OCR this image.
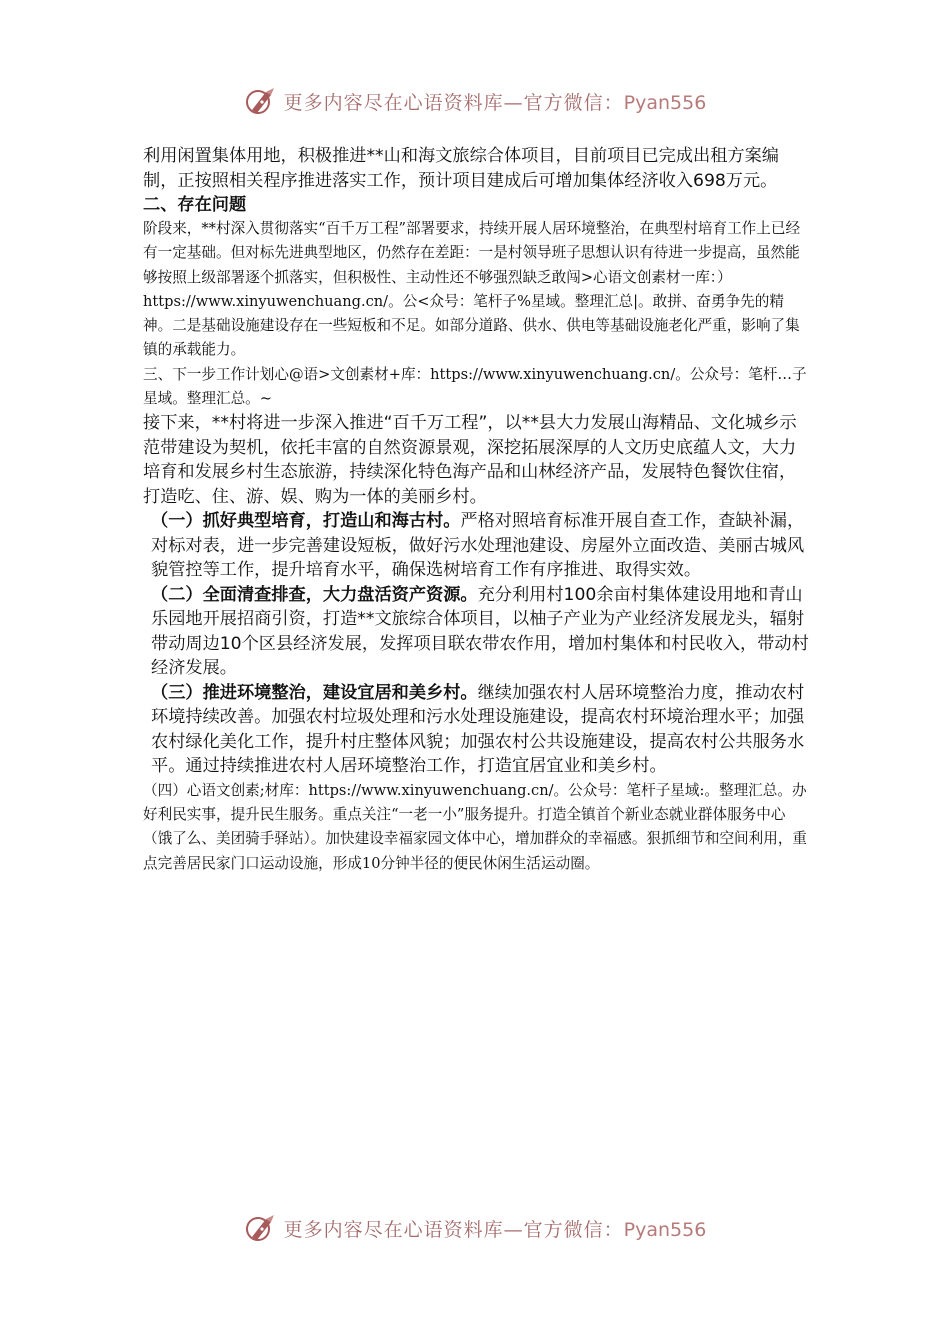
更多内容尽在心语资料库—官方微信：Pyan556

利用闲置集体用地，积极推进**山和海文旅综合体项目，目前项目已完成出租方案编制，正按照相关程序推进落实工作，预计项目建成后可增加集体经济收入698万元。

二、存在问题

阶段来，**村深入贯彻落实“百千万工程”部署要求，持续开展人居环境整治，在典型村培育工作上已经有一定基础。但对标先进典型地区，仍然存在差距：一是村领导班子思想认识有待进一步提高，虽然能够按照上级部署逐个抓落实，但积极性、主动性还不够强烈缺乏敢闯>心语文创素材一库：）https://www.xinyuwenchuang.cn/。公<众号：笔杆子%星域。整理汇总|。敢拼、奋勇争先的精神。二是基础设施建设存在一些短板和不足。如部分道路、供水、供电等基础设施老化严重，影响了集镇的承载能力。

三、下一步工作计划心@语>文创素材+库：https://www.xinyuwenchuang.cn/。公众号：笔杆…子星域。整理汇总。~

接下来，**村将进一步深入推进“百千万工程”，以**县大力发展山海精品、文化城乡示范带建设为契机，依托丰富的自然资源景观，深挖拓展深厚的人文历史底蕴人文，大力培育和发展乡村生态旅游，持续深化特色海产品和山林经济产品，发展特色餐饮住宿，打造吃、住、游、娱、购为一体的美丽乡村。

（一）抓好典型培育，打造山和海古村。严格对照培育标准开展自查工作，查缺补漏，对标对表，进一步完善建设短板，做好污水处理池建设、房屋外立面改造、美丽古城风貌管控等工作，提升培育水平，确保选树培育工作有序推进、取得实效。

（二）全面清查排查，大力盘活资产资源。充分利用村100余亩村集体建设用地和青山乐园地开展招商引资，打造**文旅综合体项目，以柚子产业为产业经济发展龙头，辐射带动周边10个区县经济发展，发挥项目联农带农作用，增加村集体和村民收入，带动村经济发展。

（三）推进环境整治，建设宜居和美乡村。继续加强农村人居环境整治力度，推动农村环境持续改善。加强农村垃圾处理和污水处理设施建设，提高农村环境治理水平；加强农村绿化美化工作，提升村庄整体风貌；加强农村公共设施建设，提高农村公共服务水平。通过持续推进农村人居环境整治工作，打造宜居宜业和美乡村。

（四）心语文创素;材库：https://www.xinyuwenchuang.cn/。公众号：笔杆子星域:。整理汇总。办好利民实事，提升民生服务。重点关注“一老一小”服务提升。打造全镇首个新业态就业群体服务中心（饿了么、美团骑手驿站）。加快建设幸福家园文体中心，增加群众的幸福感。狠抓细节和空间利用，重点完善居民家门口运动设施，形成10分钟半径的便民休闲生活运动圈。

更多内容尽在心语资料库—官方微信：Pyan556
